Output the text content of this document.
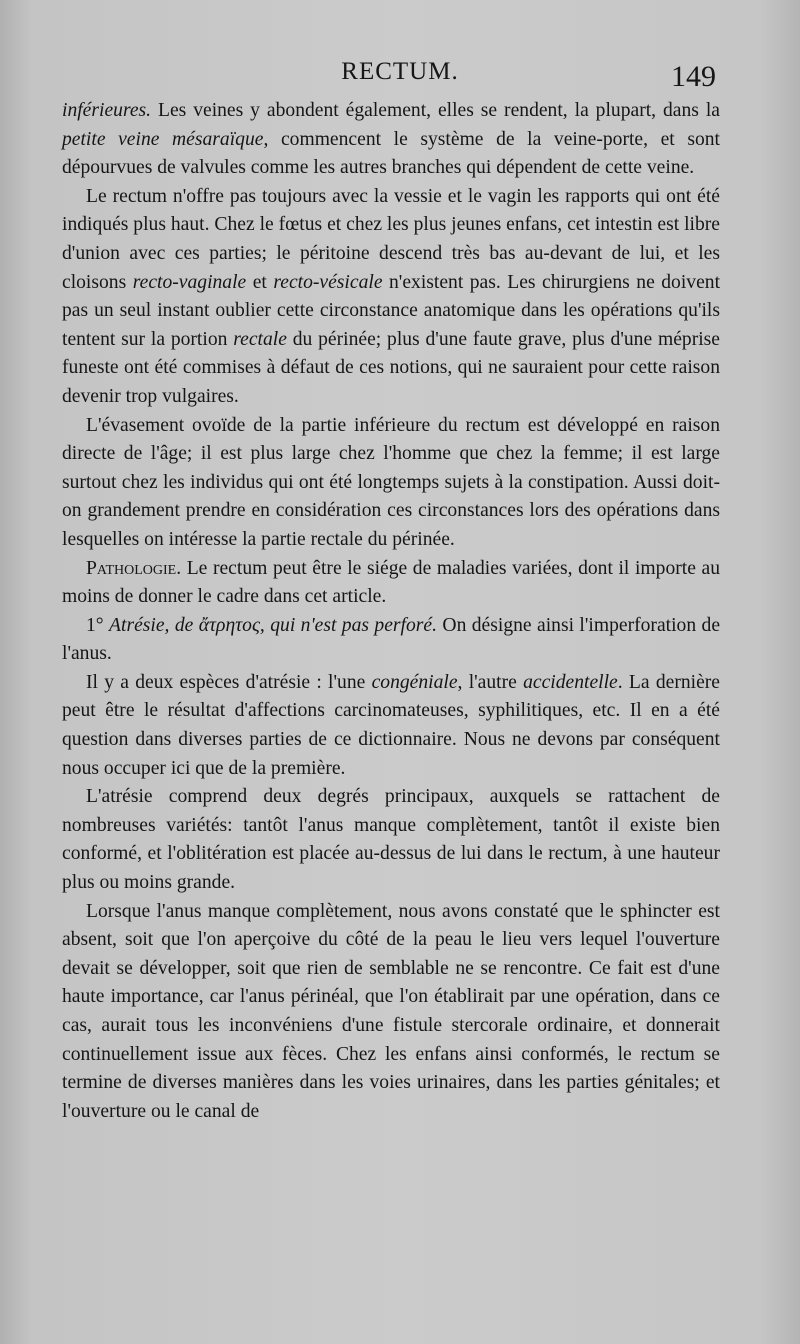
RECTUM.	149

inférieures. Les veines y abondent également, elles se rendent, la plupart, dans la petite veine mésaraïque, commencent le système de la veine-porte, et sont dépourvues de valvules comme les autres branches qui dépendent de cette veine.

Le rectum n'offre pas toujours avec la vessie et le vagin les rapports qui ont été indiqués plus haut. Chez le fœtus et chez les plus jeunes enfans, cet intestin est libre d'union avec ces parties; le péritoine descend très bas au-devant de lui, et les cloisons recto-vaginale et recto-vésicale n'existent pas. Les chirurgiens ne doivent pas un seul instant oublier cette circonstance anatomique dans les opérations qu'ils tentent sur la portion rectale du périnée; plus d'une faute grave, plus d'une méprise funeste ont été commises à défaut de ces notions, qui ne sauraient pour cette raison devenir trop vulgaires.

L'évasement ovoïde de la partie inférieure du rectum est développé en raison directe de l'âge; il est plus large chez l'homme que chez la femme; il est large surtout chez les individus qui ont été longtemps sujets à la constipation. Aussi doit-on grandement prendre en considération ces circonstances lors des opérations dans lesquelles on intéresse la partie rectale du périnée.

Pathologie. Le rectum peut être le siége de maladies variées, dont il importe au moins de donner le cadre dans cet article.

1° Atrésie, de ἄτρητος, qui n'est pas perforé. On désigne ainsi l'imperforation de l'anus.

Il y a deux espèces d'atrésie : l'une congéniale, l'autre accidentelle. La dernière peut être le résultat d'affections carcinomateuses, syphilitiques, etc. Il en a été question dans diverses parties de ce dictionnaire. Nous ne devons par conséquent nous occuper ici que de la première.

L'atrésie comprend deux degrés principaux, auxquels se rattachent de nombreuses variétés: tantôt l'anus manque complètement, tantôt il existe bien conformé, et l'oblitération est placée au-dessus de lui dans le rectum, à une hauteur plus ou moins grande.

Lorsque l'anus manque complètement, nous avons constaté que le sphincter est absent, soit que l'on aperçoive du côté de la peau le lieu vers lequel l'ouverture devait se développer, soit que rien de semblable ne se rencontre. Ce fait est d'une haute importance, car l'anus périnéal, que l'on établirait par une opération, dans ce cas, aurait tous les inconvéniens d'une fistule stercorale ordinaire, et donnerait continuellement issue aux fèces. Chez les enfans ainsi conformés, le rectum se termine de diverses manières dans les voies urinaires, dans les parties génitales; et l'ouverture ou le canal de
